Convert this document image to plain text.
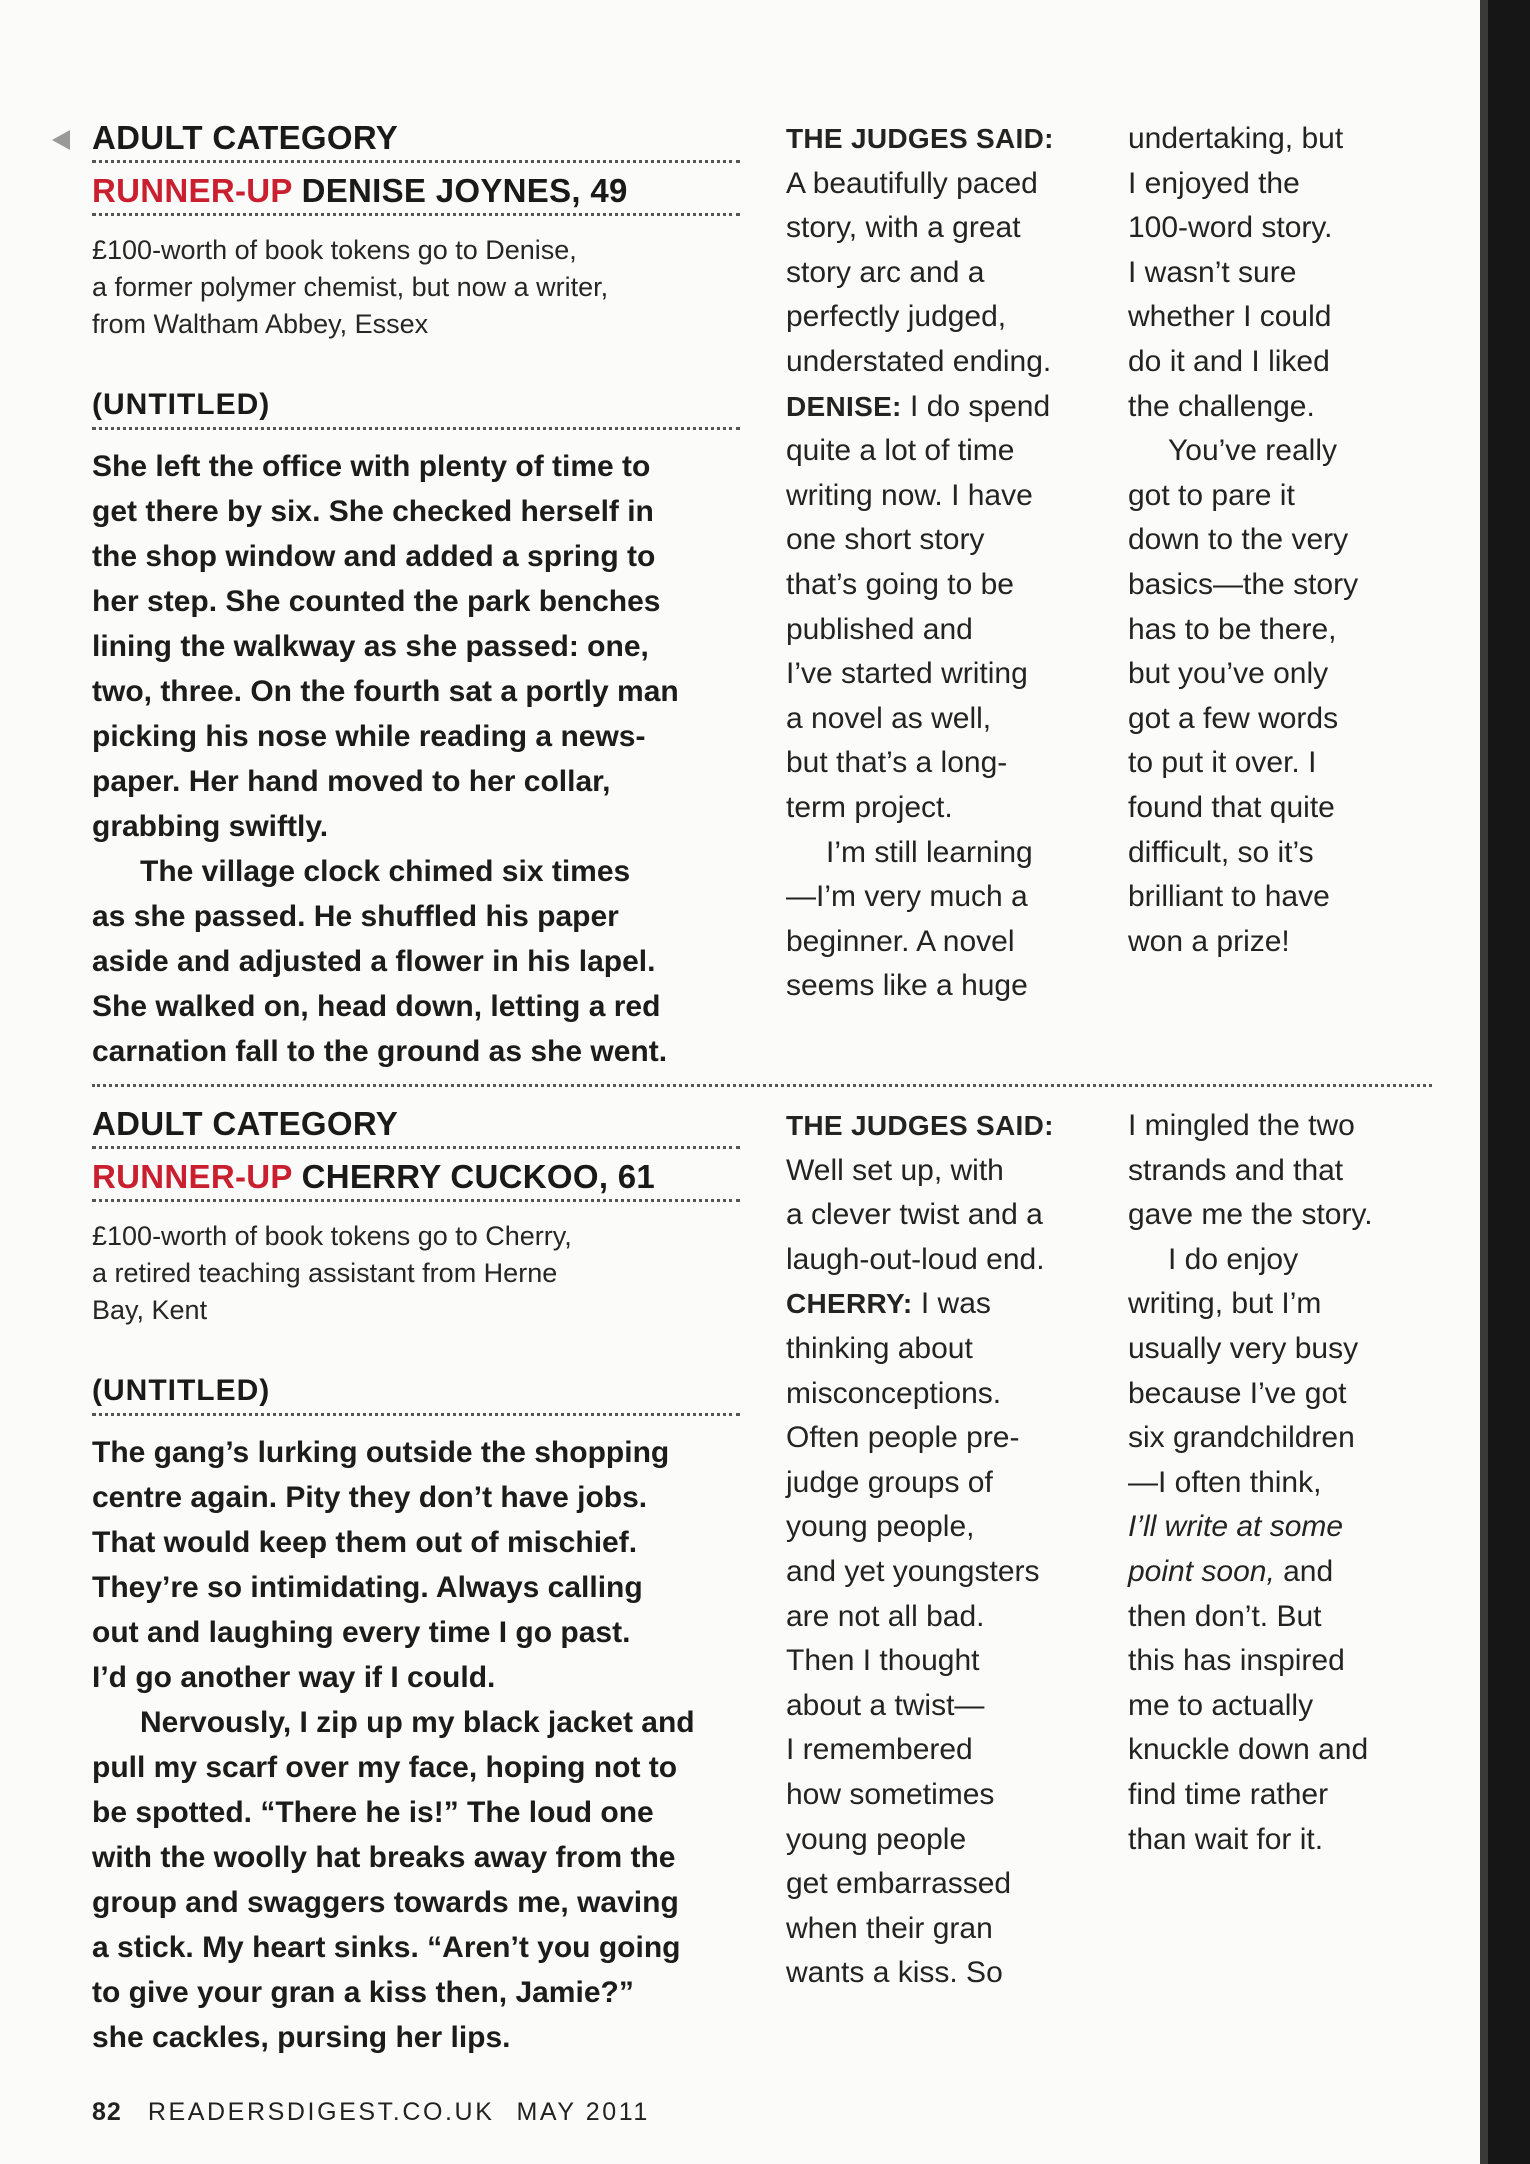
ADULT CATEGORY
RUNNER-UP DENISE JOYNES, 49
£100-worth of book tokens go to Denise,
a former polymer chemist, but now a writer,
from Waltham Abbey, Essex
(UNTITLED)

She left the office with plenty of time to
get there by six. She checked herself in
the shop window and added a spring to
her step. She counted the park benches
lining the walkway as she passed: one,
two, three. On the fourth sat a portly man
picking his nose while reading a news-
paper. Her hand moved to her collar,
grabbing swiftly.

The village clock chimed six times
as she passed. He shuffled his paper
aside and adjusted a flower in his lapel.
She walked on, head down, letting a red
carnation fall to the ground as she went.

THE JUDGES SAID:
A beautifully paced
story, with a great
story arc and a
perfectly judged,
understated ending.
DENISE: I do spend
quite a lot of time
writing now. I have
one short story
that’s going to be
published and
I’ve started writing
a novel as well,
but that’s a long-
term project.

I’m still learning
—I’m very much a
beginner. A novel
seems like a huge

undertaking, but
I enjoyed the
100-word story.
I wasn’t sure
whether I could
do it and I liked
the challenge.

You’ve really
got to pare it
down to the very
basics—the story
has to be there,
but you’ve only
got a few words
to put it over. I
found that quite
difficult, so it’s
brilliant to have
won a prize!

ADULT CATEGORY
RUNNER-UP CHERRY CUCKOO, 61
£100-worth of book tokens go to Cherry,
a retired teaching assistant from Herne
Bay, Kent
(UNTITLED)

The gang’s lurking outside the shopping
centre again. Pity they don’t have jobs.
That would keep them out of mischief.
They’re so intimidating. Always calling
out and laughing every time I go past.
I’d go another way if I could.

Nervously, I zip up my black jacket and
pull my scarf over my face, hoping not to
be spotted. “There he is!” The loud one
with the woolly hat breaks away from the
group and swaggers towards me, waving
a stick. My heart sinks. “Aren’t you going
to give your gran a kiss then, Jamie?”
she cackles, pursing her lips.

THE JUDGES SAID:
Well set up, with
a clever twist and a
laugh-out-loud end.
CHERRY: I was
thinking about
misconceptions.
Often people pre-
judge groups of
young people,
and yet youngsters
are not all bad.
Then I thought
about a twist—
I remembered
how sometimes
young people
get embarrassed
when their gran
wants a kiss. So

I mingled the two
strands and that
gave me the story.

I do enjoy
writing, but I’m
usually very busy
because I’ve got
six grandchildren
—I often think,
I’ll write at some
point soon, and
then don’t. But
this has inspired
me to actually
knuckle down and
find time rather
than wait for it.

82 READERSDIGEST.CO.UK MAY 2011
